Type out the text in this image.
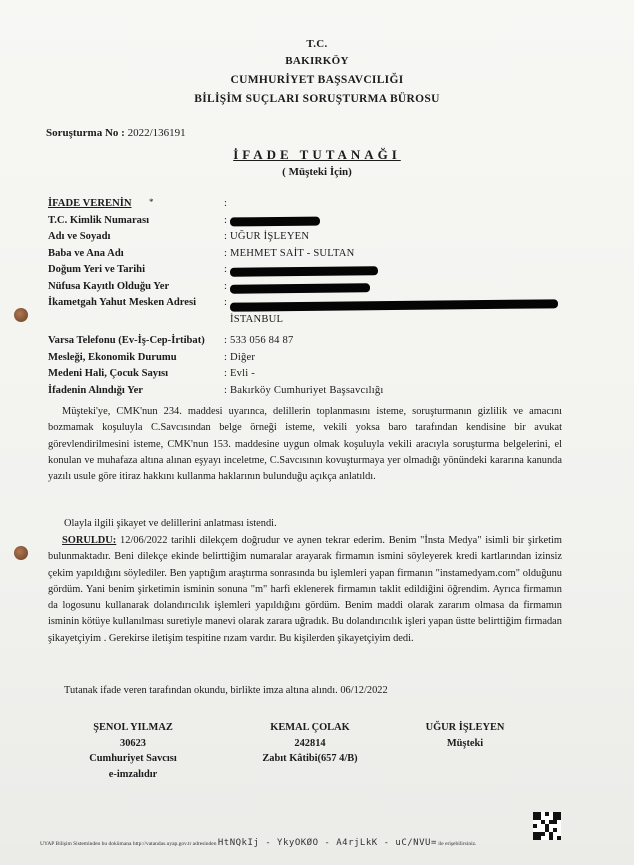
T.C.
BAKIRKÖY
CUMHURİYET BAŞSAVCILIĞI
BİLİŞİM SUÇLARI SORUŞTURMA BÜROSU
Soruşturma No : 2022/136191
İFADE TUTANAĞI
( Müşteki İçin)
İFADE VERENİN *	:
T.C. Kimlik Numarası	:
Adı ve Soyadı	: UĞUR İŞLEYEN
Baba ve Ana Adı	: MEHMET SAİT - SULTAN
Doğum Yeri ve Tarihi	:
Nüfusa Kayıtlı Olduğu Yer	:
İkametgah Yahut Mesken Adresi	:
İSTANBUL
Varsa Telefonu (Ev-İş-Cep-İrtibat) : 533 056 84 87
Mesleği, Ekonomik Durumu	: Diğer
Medeni Hali, Çocuk Sayısı	: Evli -
İfadenin Alındığı Yer	: Bakırköy Cumhuriyet Başsavcılığı
Müşteki'ye, CMK'nun 234. maddesi uyarınca, delillerin toplanmasını isteme, soruşturmanın gizlilik ve amacını bozmamak koşuluyla C.Savcısından belge örneği isteme, vekili yoksa baro tarafından kendisine bir avukat görevlendirilmesini isteme, CMK'nun 153. maddesine uygun olmak koşuluyla vekili aracıyla soruşturma belgelerini, el konulan ve muhafaza altına alınan eşyayı inceletme, C.Savcısının kovuşturmaya yer olmadığı yönündeki kararına kanunda yazılı usule göre itiraz hakkını kullanma haklarının bulunduğu açıkça anlatıldı.
Olayla ilgili şikayet ve delillerini anlatması istendi.
SORULDU: 12/06/2022 tarihli dilekçem doğrudur ve aynen tekrar ederim. Benim "İnsta Medya" isimli bir şirketim bulunmaktadır. Beni dilekçe ekinde belirttiğim numaralar arayarak firmamın ismini söyleyerek kredi kartlarından izinsiz çekim yapıldığını söylediler. Ben yaptığım araştırma sonrasında bu işlemleri yapan firmanın "instamedyam.com" olduğunu gördüm. Yani benim şirketimin isminin sonuna "m" harfi eklenerek firmamın taklit edildiğini öğrendim. Ayrıca firmamın da logosunu kullanarak dolandırıcılık işlemleri yapıldığını gördüm. Benim maddi olarak zararım olmasa da firmamın isminin kötüye kullanılması suretiyle manevi olarak zarara uğradık. Bu dolandırıcılık işleri yapan üstte belirttiğim firmadan şikayetçiyim . Gerekirse iletişim tespitine rızam vardır. Bu kişilerden şikayetçiyim dedi.
Tutanak ifade veren tarafından okundu, birlikte imza altına alındı. 06/12/2022
ŞENOL YILMAZ
30623
Cumhuriyet Savcısı
e-imzalıdır
KEMAL ÇOLAK
242814
Zabıt Kâtibi(657 4/B)
UĞUR İŞLEYEN
Müşteki
UYAP Bilişim Sisteminden bu dokümana http://vatandas.uyap.gov.tr adresinden HtNQkIj - YkyOKØO - A4rjLkK - uC/NVU= ile erişebilirsiniz.
